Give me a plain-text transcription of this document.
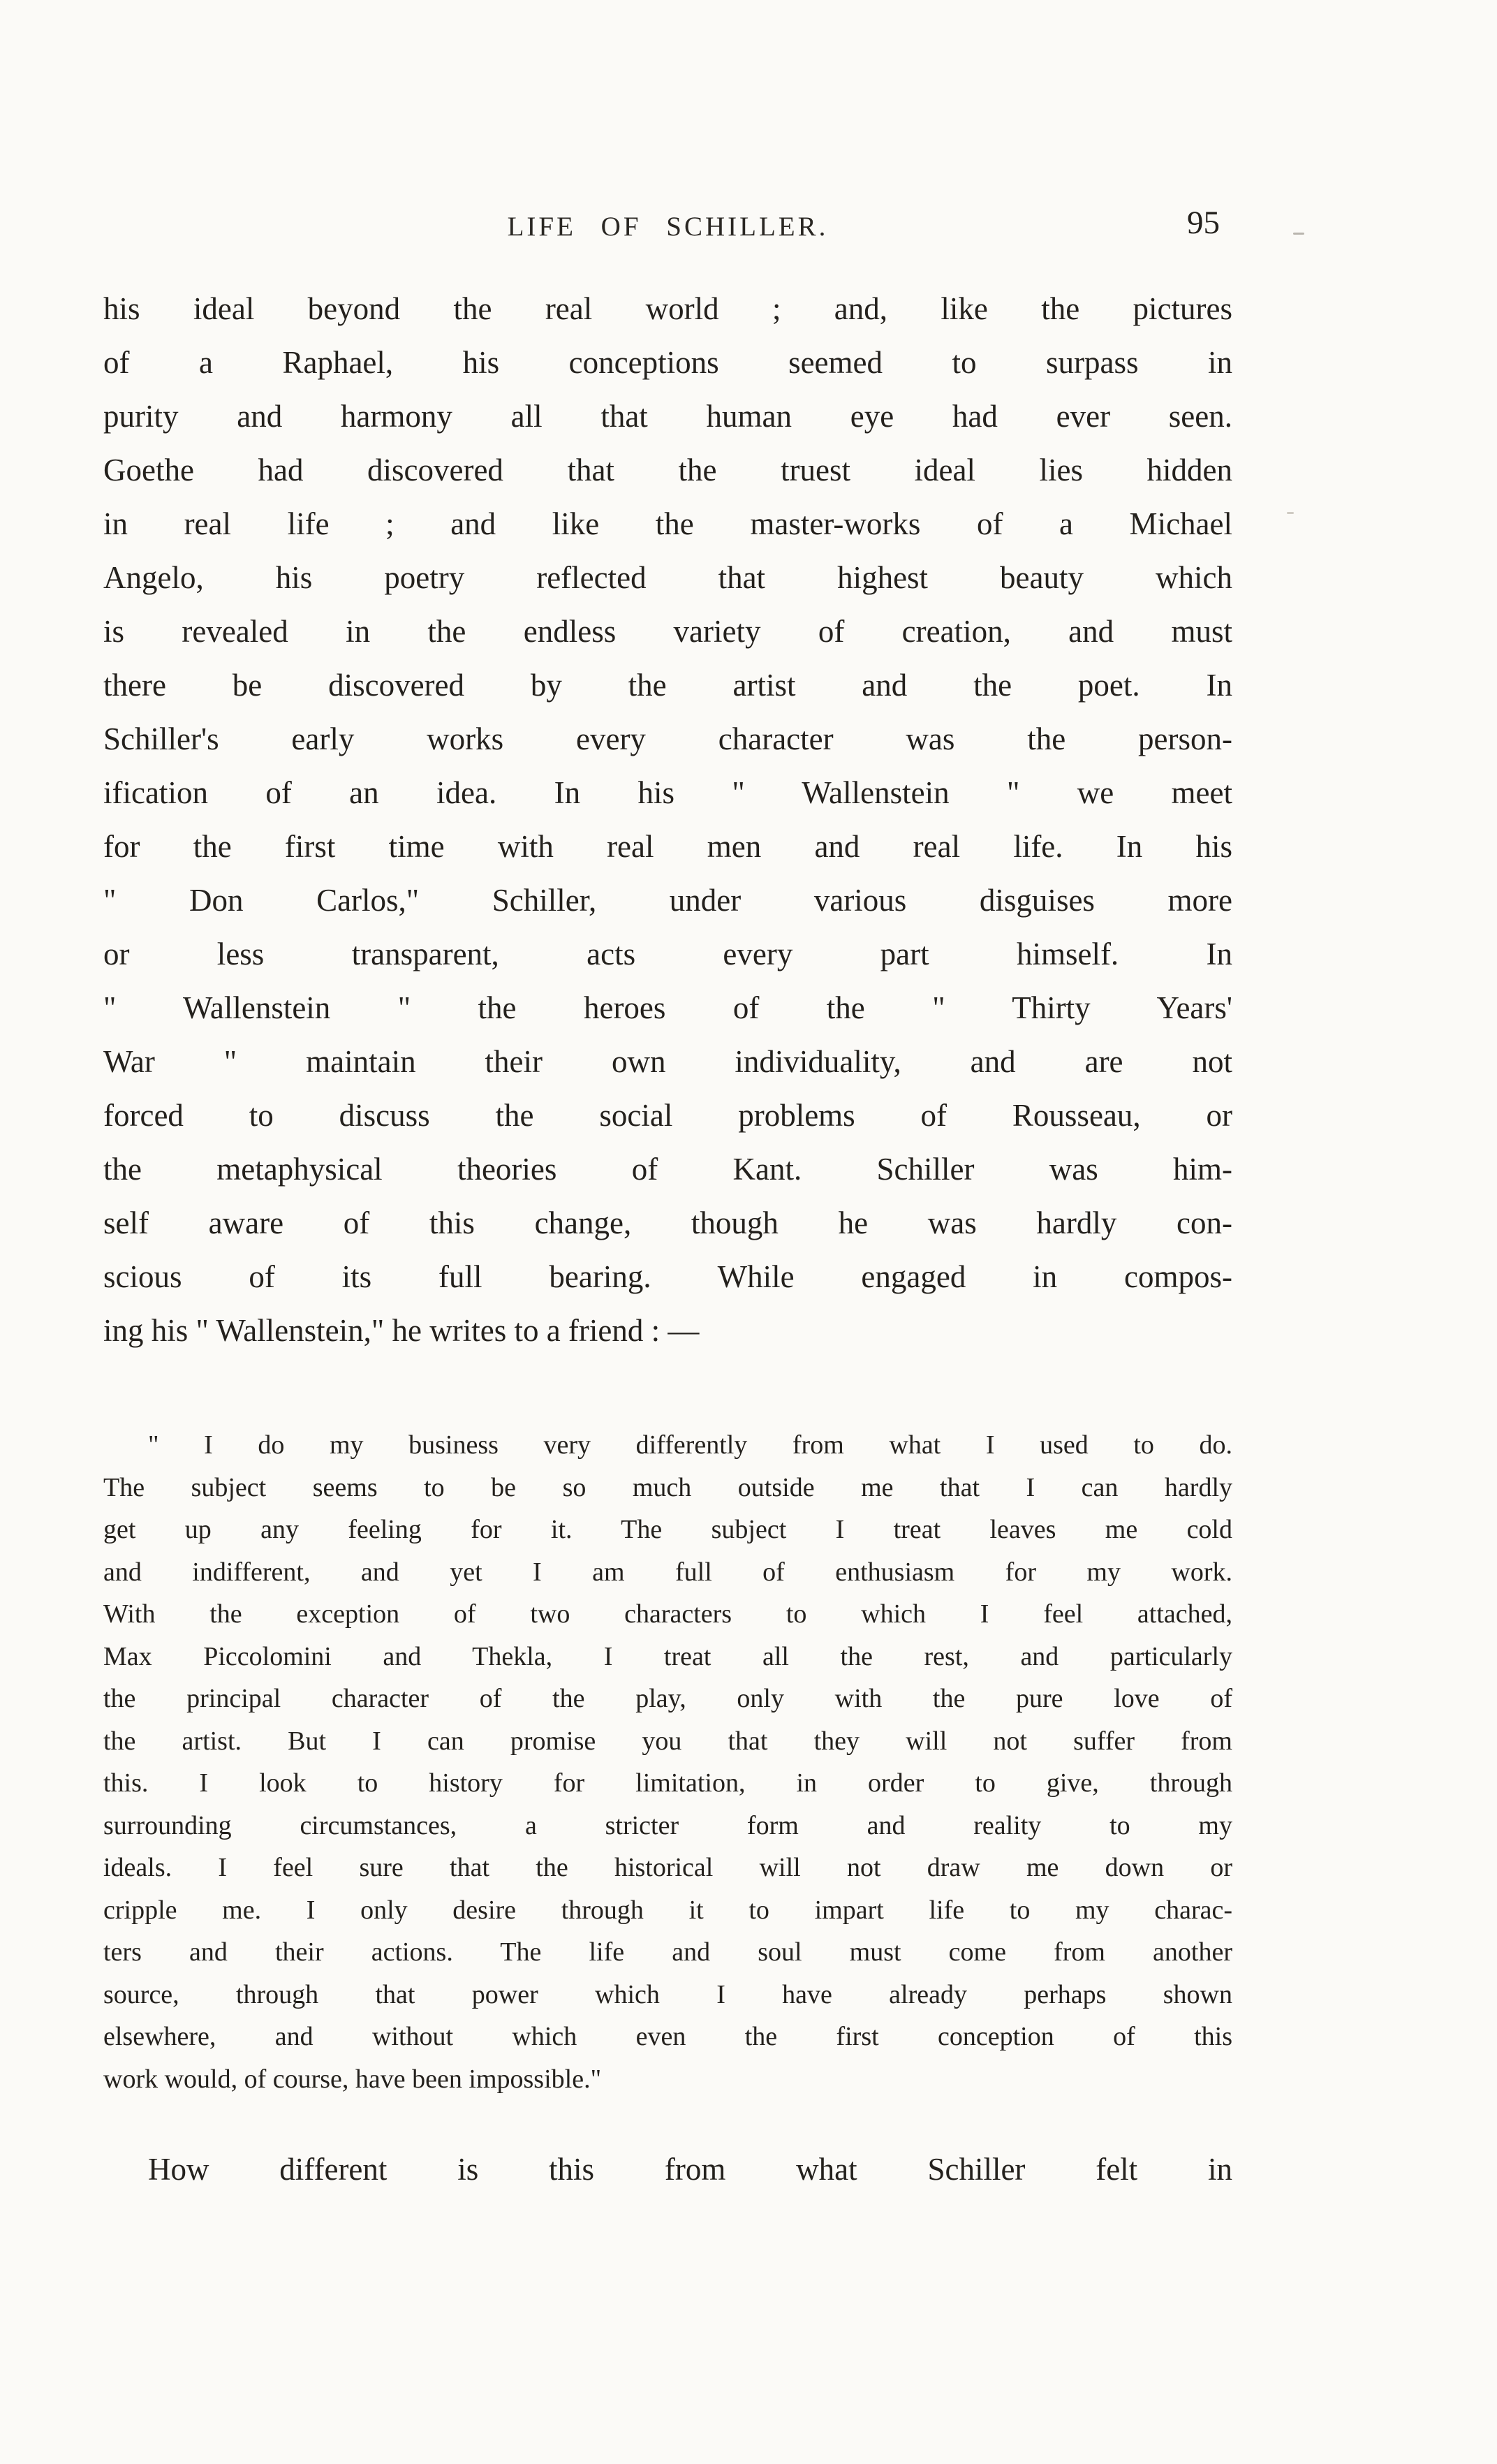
LIFE OF SCHILLER.	95
his ideal beyond the real world ; and, like the pictures
of a Raphael, his conceptions seemed to surpass in
purity and harmony all that human eye had ever seen.
Goethe had discovered that the truest ideal lies hidden
in real life ; and like the master-works of a Michael
Angelo, his poetry reflected that highest beauty which
is revealed in the endless variety of creation, and must
there be discovered by the artist and the poet. In
Schiller's early works every character was the person-
ification of an idea. In his " Wallenstein " we meet
for the first time with real men and real life. In his
" Don Carlos," Schiller, under various disguises more
or less transparent, acts every part himself. In
" Wallenstein " the heroes of the " Thirty Years'
War " maintain their own individuality, and are not
forced to discuss the social problems of Rousseau, or
the metaphysical theories of Kant. Schiller was him-
self aware of this change, though he was hardly con-
scious of its full bearing. While engaged in compos-
ing his " Wallenstein," he writes to a friend : —
" I do my business very differently from what I used to do.
The subject seems to be so much outside me that I can hardly
get up any feeling for it. The subject I treat leaves me cold
and indifferent, and yet I am full of enthusiasm for my work.
With the exception of two characters to which I feel attached,
Max Piccolomini and Thekla, I treat all the rest, and particularly
the principal character of the play, only with the pure love of
the artist. But I can promise you that they will not suffer from
this. I look to history for limitation, in order to give, through
surrounding circumstances, a stricter form and reality to my
ideals. I feel sure that the historical will not draw me down or
cripple me. I only desire through it to impart life to my charac-
ters and their actions. The life and soul must come from another
source, through that power which I have already perhaps shown
elsewhere, and without which even the first conception of this
work would, of course, have been impossible."
How different is this from what Schiller felt in
